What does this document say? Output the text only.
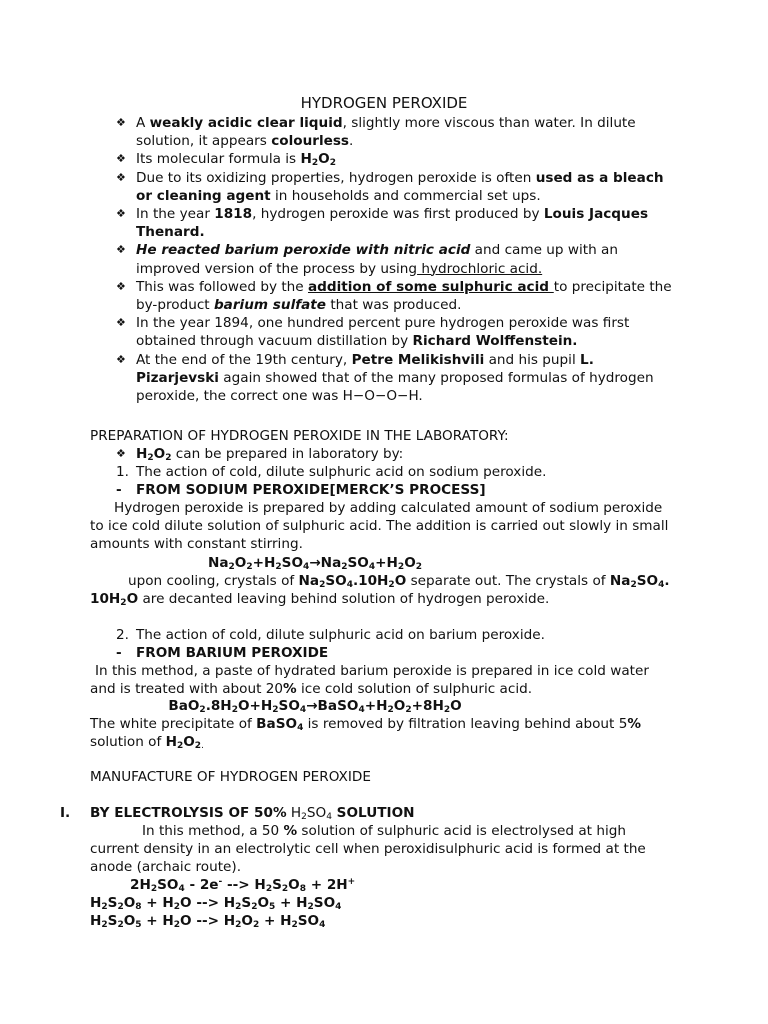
HYDROGEN PEROXIDE
❖ A weakly acidic clear liquid, slightly more viscous than water. In dilute solution, it appears colourless.
❖ Its molecular formula is $H_2O_2$
❖ Due to its oxidizing properties, hydrogen peroxide is often used as a bleach or cleaning agent in households and commercial set ups.
❖ In the year 1818, hydrogen peroxide was first produced by Louis Jacques Thenard.
❖ He reacted barium peroxide with nitric acid and came up with an improved version of the process by using hydrochloric acid.
❖ This was followed by the addition of some sulphuric acid to precipitate the by-product barium sulfate that was produced.
❖ In the year 1894, one hundred percent pure hydrogen peroxide was first obtained through vacuum distillation by Richard Wolffenstein.
❖ At the end of the 19th century, Petre Melikishvili and his pupil L. Pizarjevski again showed that of the many proposed formulas of hydrogen peroxide, the correct one was H−O−O−H.
PREPARATION OF HYDROGEN PEROXIDE IN THE LABORATORY:
❖ $H_2O_2$ can be prepared in laboratory by:
1. The action of cold, dilute sulphuric acid on sodium peroxide.
- FROM SODIUM PEROXIDE[MERCK’S PROCESS]
Hydrogen peroxide is prepared by adding calculated amount of sodium peroxide to ice cold dilute solution of sulphuric acid. The addition is carried out slowly in small amounts with constant stirring.
$Na_2O_2+H_2SO_4\to Na_2SO_4+H_2O_2$
upon cooling, crystals of $Na_2SO_4.10H_2O$ separate out. The crystals of $Na_2SO_4$. $10H_2O$ are decanted leaving behind solution of hydrogen peroxide.
2. The action of cold, dilute sulphuric acid on barium peroxide.
- FROM BARIUM PEROXIDE
In this method, a paste of hydrated barium peroxide is prepared in ice cold water and is treated with about 20% ice cold solution of sulphuric acid.
$BaO_2.8H_2O+H_2SO_4\to BaSO_4+H_2O_2+8H_2O$
The white precipitate of BaSO$_4$ is removed by filtration leaving behind about 5%
solution of $H_2O_{2.}$
MANUFACTURE OF HYDROGEN PEROXIDE
I. BY ELECTROLYSIS OF 50% $H_2SO_4$ SOLUTION
In this method, a 50 % solution of sulphuric acid is electrolysed at high current density in an electrolytic cell when peroxidisulphuric acid is formed at the anode (archaic route).
$2H_2SO_4 - 2e^-$ --> $H_2S_2O_8 + 2H^+$
$H_2S_2O_8 + H_2O$ --> $H_2S_2O_5 + H_2SO_4$
$H_2S_2O_5 + H_2O$ --> $H_2O_2 + H_2SO_4$
